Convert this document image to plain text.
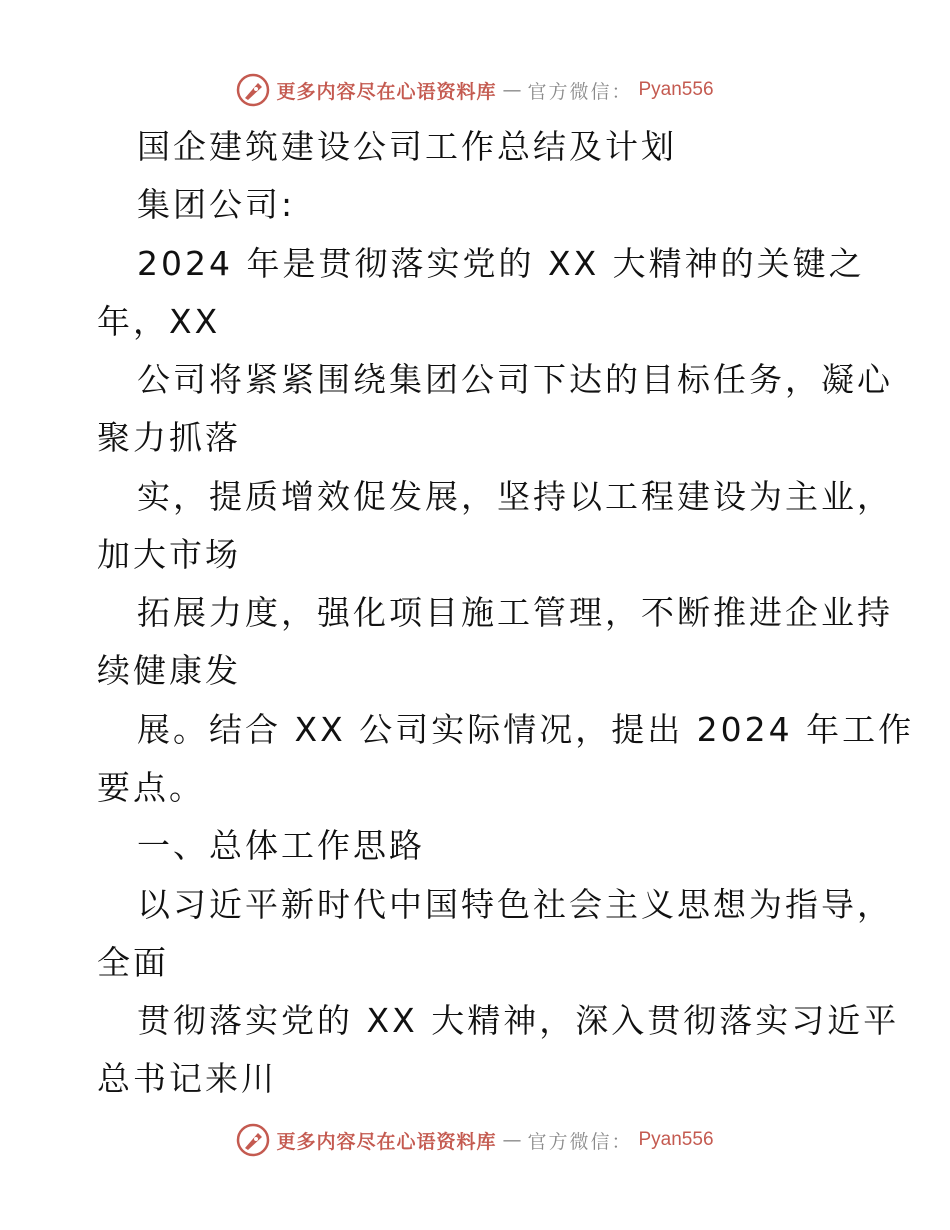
更多内容尽在心语资料库 — 官方微信： Pyan556
国企建筑建设公司工作总结及计划
集团公司:
2024 年是贯彻落实党的 XX 大精神的关键之
年，XX
公司将紧紧围绕集团公司下达的目标任务，凝心
聚力抓落
实，提质增效促发展，坚持以工程建设为主业，
加大市场
拓展力度，强化项目施工管理，不断推进企业持
续健康发
展。结合 XX 公司实际情况，提出 2024 年工作
要点。
一、总体工作思路
以习近平新时代中国特色社会主义思想为指导，
全面
贯彻落实党的 XX 大精神，深入贯彻落实习近平
总书记来川
更多内容尽在心语资料库 — 官方微信： Pyan556
